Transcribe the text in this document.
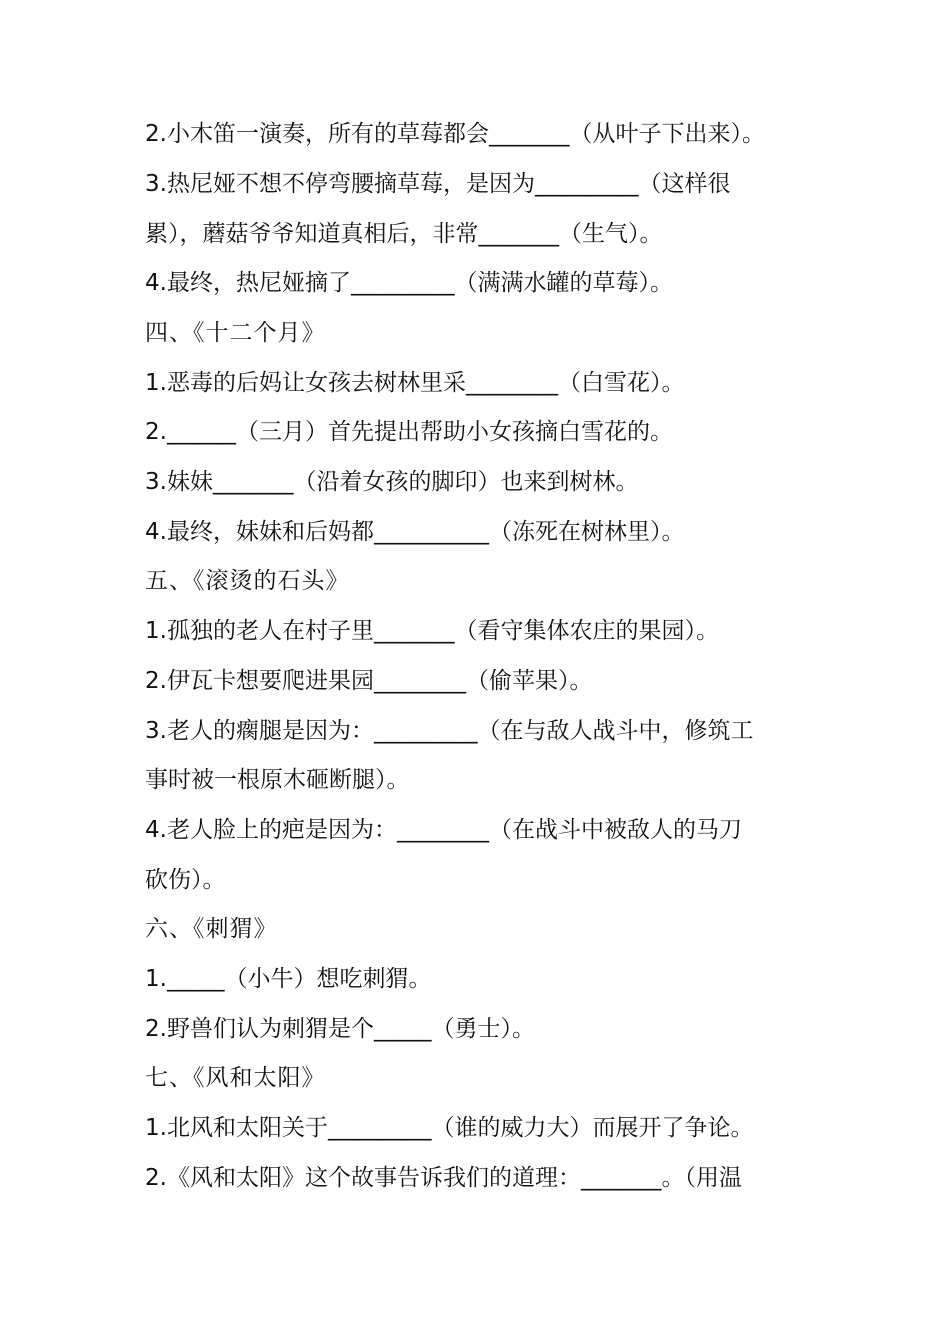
2.小木笛一演奏，所有的草莓都会_______（从叶子下出来）。
3.热尼娅不想不停弯腰摘草莓，是因为_________（这样很
累），蘑菇爷爷知道真相后，非常_______（生气）。
4.最终，热尼娅摘了_________（满满水罐的草莓）。
四、《十二个月》
1.恶毒的后妈让女孩去树林里采________（白雪花）。
2.______（三月）首先提出帮助小女孩摘白雪花的。
3.妹妹_______（沿着女孩的脚印）也来到树林。
4.最终，妹妹和后妈都__________（冻死在树林里）。
五、《滚烫的石头》
1.孤独的老人在村子里_______（看守集体农庄的果园）。
2.伊瓦卡想要爬进果园________（偷苹果）。
3.老人的瘸腿是因为：_________（在与敌人战斗中，修筑工
事时被一根原木砸断腿）。
4.老人脸上的疤是因为：________（在战斗中被敌人的马刀
砍伤）。
六、《刺猬》
1._____（小牛）想吃刺猬。
2.野兽们认为刺猬是个_____（勇士）。
七、《风和太阳》
1.北风和太阳关于_________（谁的威力大）而展开了争论。
2.《风和太阳》这个故事告诉我们的道理：_______。（用温
